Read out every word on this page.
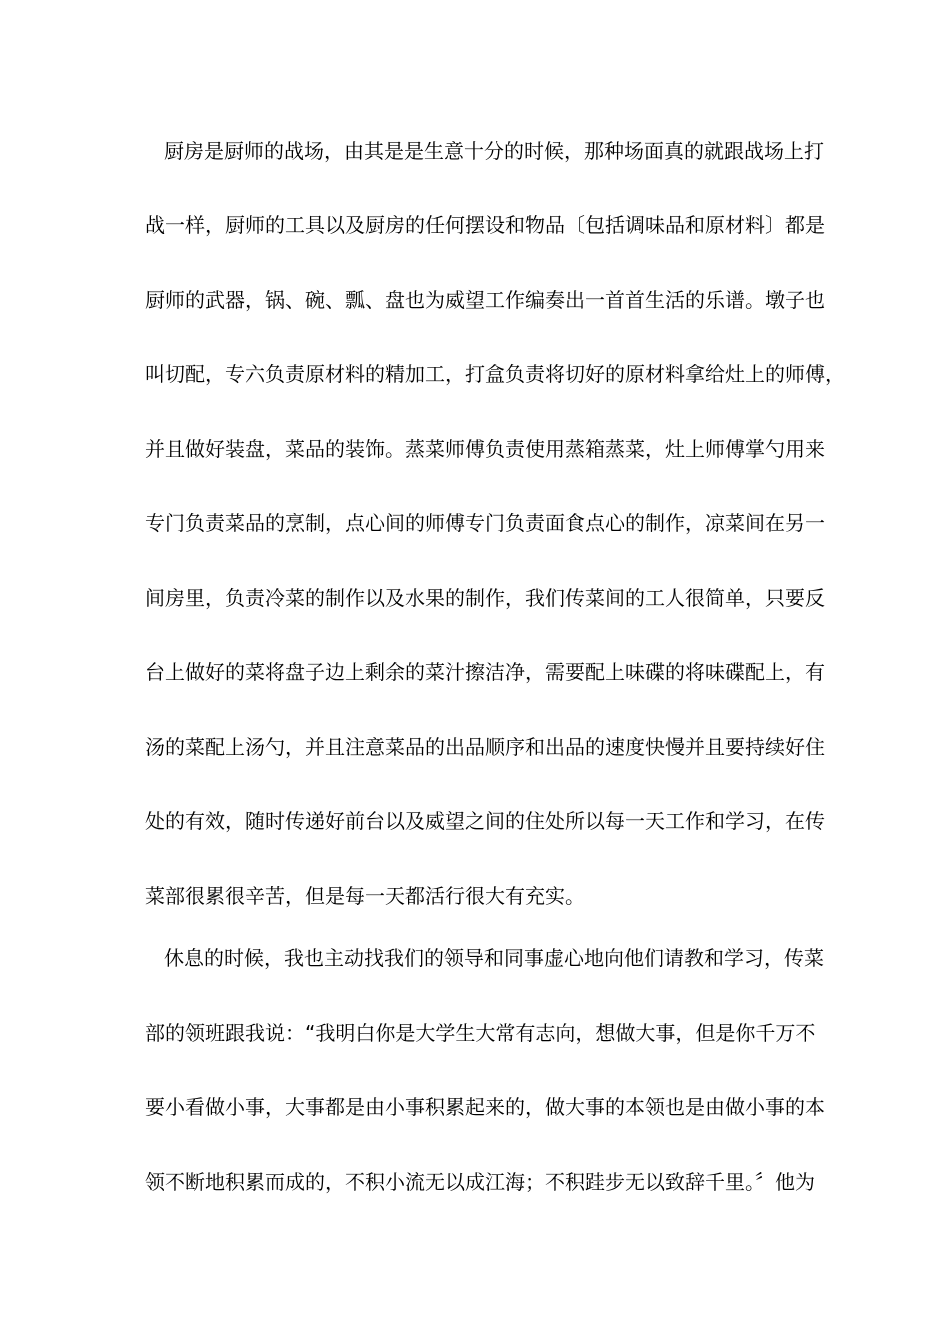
厨房是厨师的战场，由其是是生意十分的时候，那种场面真的就跟战场上打
战一样，厨师的工具以及厨房的任何摆设和物品〔包括调味品和原材料〕都是
厨师的武器，锅、碗、瓢、盘也为威望工作编奏出一首首生活的乐谱。墩子也
叫切配，专六负责原材料的精加工，打盒负责将切好的原材料拿给灶上的师傅，
并且做好装盘，菜品的装饰。蒸菜师傅负责使用蒸箱蒸菜，灶上师傅掌勺用来
专门负责菜品的烹制，点心间的师傅专门负责面食点心的制作，凉菜间在另一
间房里，负责冷菜的制作以及水果的制作，我们传菜间的工人很简单，只要反
台上做好的菜将盘子边上剩余的菜汁擦洁净，需要配上味碟的将味碟配上，有
汤的菜配上汤勺，并且注意菜品的出品顺序和出品的速度快慢并且要持续好住
处的有效，随时传递好前台以及威望之间的住处所以每一天工作和学习，在传
菜部很累很辛苦，但是每一天都活行很大有充实。
休息的时候，我也主动找我们的领导和同事虚心地向他们请教和学习，传菜
部的领班跟我说：“我明白你是大学生大常有志向，想做大事，但是你千万不
要小看做小事，大事都是由小事积累起来的，做大事的本领也是由做小事的本
领不断地积累而成的，不积小流无以成江海；不积跬步无以致辞千里。〞他为
